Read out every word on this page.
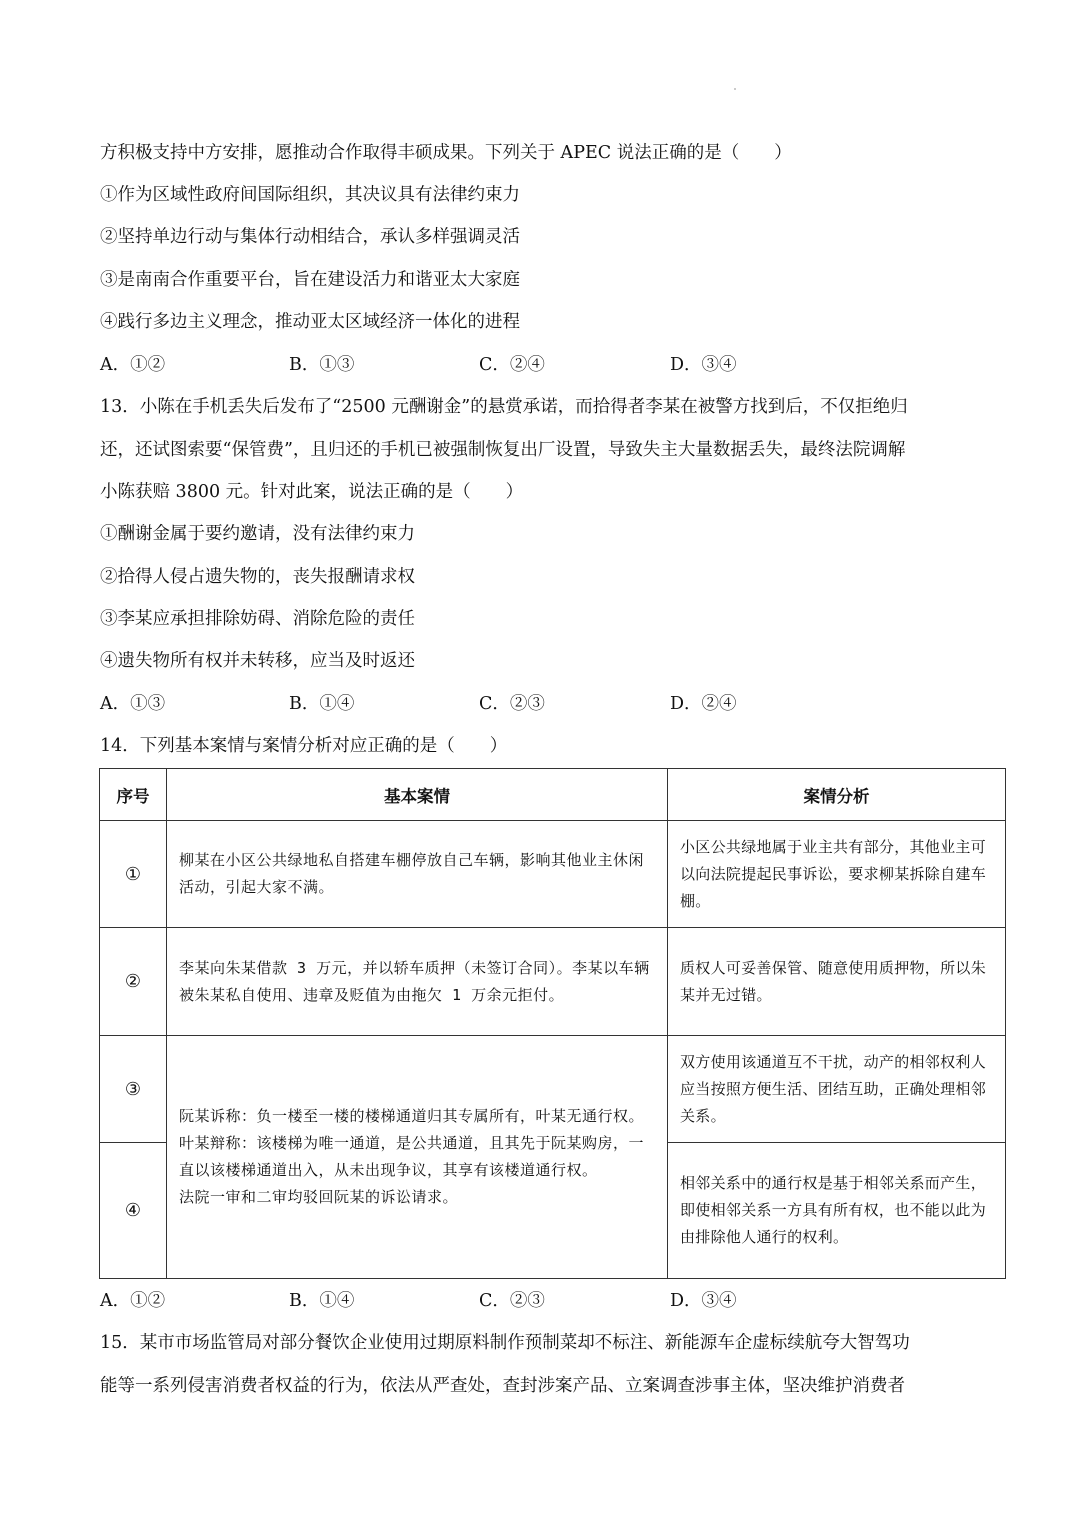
方积极支持中方安排，愿推动合作取得丰硕成果。下列关于 APEC 说法正确的是（　　）
①作为区域性政府间国际组织，其决议具有法律约束力
②坚持单边行动与集体行动相结合，承认多样强调灵活
③是南南合作重要平台，旨在建设活力和谐亚太大家庭
④践行多边主义理念，推动亚太区域经济一体化的进程
A．①②	B．①③	C．②④	D．③④
13．小陈在手机丢失后发布了“2500 元酬谢金”的悬赏承诺，而拾得者李某在被警方找到后，不仅拒绝归
还，还试图索要“保管费”，且归还的手机已被强制恢复出厂设置，导致失主大量数据丢失，最终法院调解
小陈获赔 3800 元。针对此案，说法正确的是（　　）
①酬谢金属于要约邀请，没有法律约束力
②拾得人侵占遗失物的，丧失报酬请求权
③李某应承担排除妨碍、消除危险的责任
④遗失物所有权并未转移，应当及时返还
A．①③	B．①④	C．②③	D．②④
14．下列基本案情与案情分析对应正确的是（　　）
序号	基本案情	案情分析
①	柳某在小区公共绿地私自搭建车棚停放自己车辆，影响其他业主休闲活动，引起大家不满。	小区公共绿地属于业主共有部分，其他业主可以向法院提起民事诉讼，要求柳某拆除自建车棚。
②	李某向朱某借款 3 万元，并以轿车质押（未签订合同）。李某以车辆被朱某私自使用、违章及贬值为由拖欠 1 万余元拒付。	质权人可妥善保管、随意使用质押物，所以朱某并无过错。
③	阮某诉称：负一楼至一楼的楼梯通道归其专属所有，叶某无通行权。
叶某辩称：该楼梯为唯一通道，是公共通道，且其先于阮某购房，一直以该楼梯通道出入，从未出现争议，其享有该楼道通行权。
法院一审和二审均驳回阮某的诉讼请求。	双方使用该通道互不干扰，动产的相邻权利人应当按照方便生活、团结互助，正确处理相邻关系。
④		相邻关系中的通行权是基于相邻关系而产生，即使相邻关系一方具有所有权，也不能以此为由排除他人通行的权利。
A．①②	B．①④	C．②③	D．③④
15．某市市场监管局对部分餐饮企业使用过期原料制作预制菜却不标注、新能源车企虚标续航夸大智驾功
能等一系列侵害消费者权益的行为，依法从严查处，查封涉案产品、立案调查涉事主体，坚决维护消费者
